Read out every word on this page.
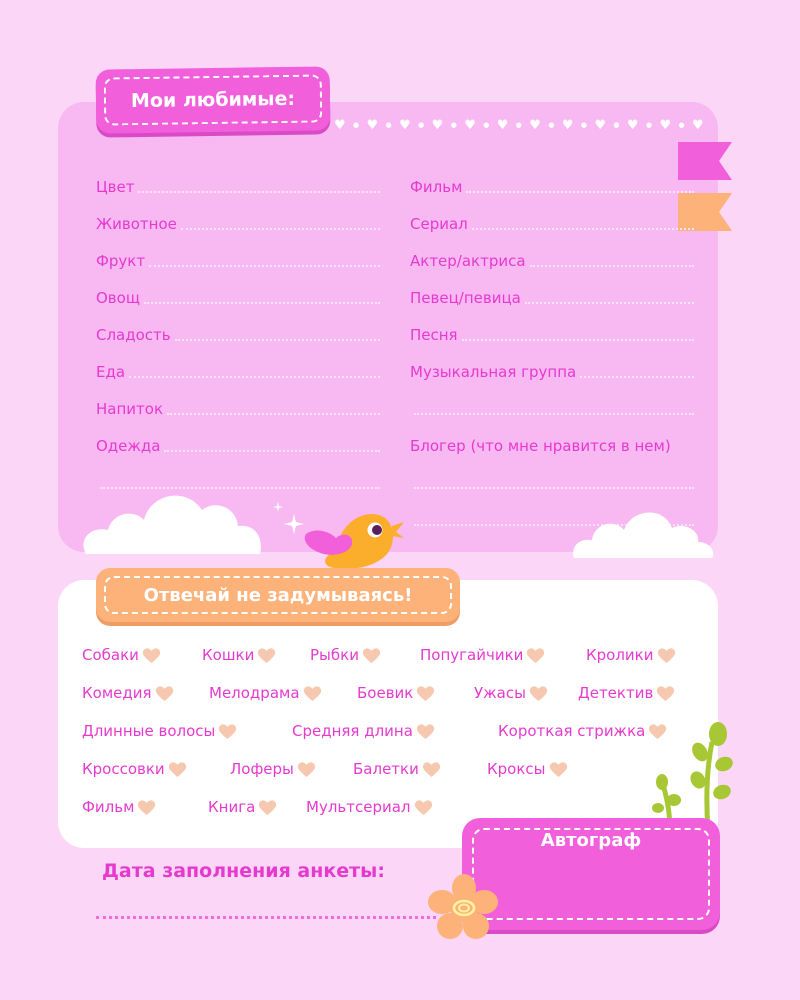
♥ ● ♥ ● ♥ ● ♥ ● ♥ ● ♥ ● ♥ ● ♥ ● ♥ ● ♥ ● ♥ ● ♥
Мои любимые:
Цвет
Животное
Фрукт
Овощ
Сладость
Еда
Напиток
Одежда
Фильм
Сериал
Актер/актриса
Певец/певица
Песня
Музыкальная группа
Блогер (что мне нравится в нем)
Отвечай не задумываясь!
Собаки	Кошки	Рыбки	Попугайчики	Кролики
Комедия	Мелодрама	Боевик	Ужасы	Детектив
Длинные волосы	Средняя длина	Короткая стрижка
Кроссовки	Лоферы	Балетки	Кроксы
Фильм	Книга	Мультсериал
Дата заполнения анкеты:
Автограф
